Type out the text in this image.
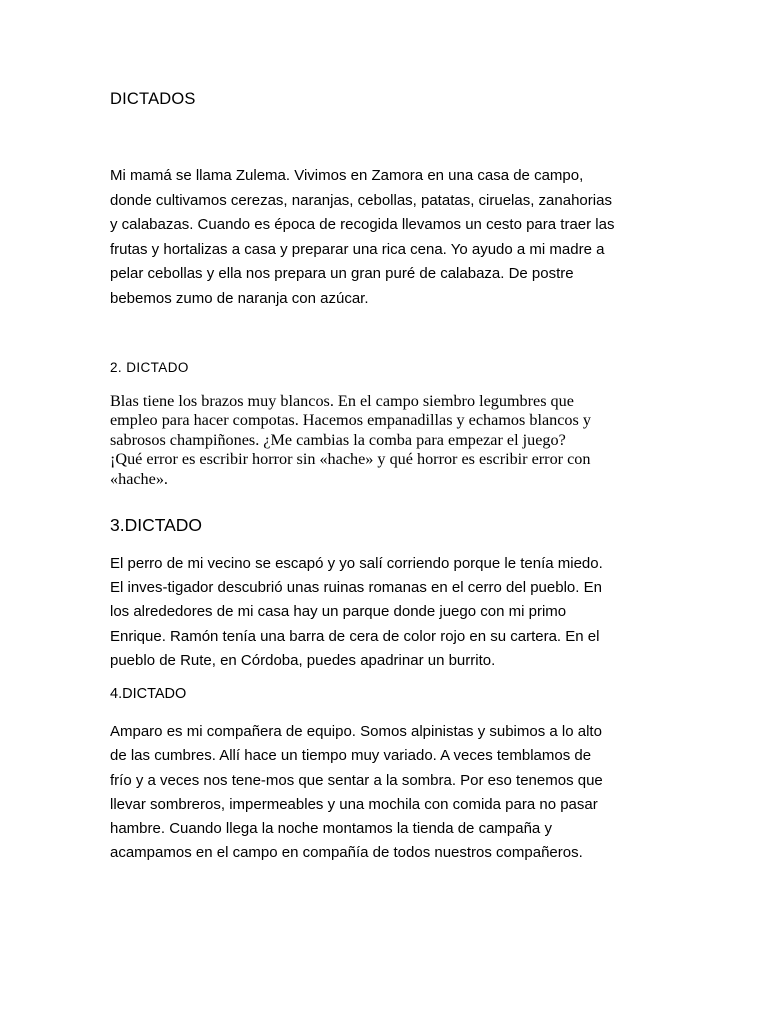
DICTADOS
Mi mamá se llama Zulema. Vivimos en Zamora en una casa de campo,
donde cultivamos cerezas, naranjas, cebollas, patatas, ciruelas, zanahorias
y calabazas. Cuando es época de recogida llevamos un cesto para traer las
frutas y hortalizas a casa y preparar una rica cena. Yo ayudo a mi madre a
pelar cebollas y ella nos prepara un gran puré de calabaza. De postre
bebemos zumo de naranja con azúcar.
2. DICTADO
Blas tiene los brazos muy blancos. En el campo siembro legumbres que
empleo para hacer compotas. Hacemos empanadillas y echamos blancos y
sabrosos champiñones. ¿Me cambias la comba para empezar el juego?
¡Qué error es escribir horror sin «hache» y qué horror es escribir error con
«hache».
3.DICTADO
El perro de mi vecino se escapó y yo salí corriendo porque le tenía miedo.
El inves-tigador descubrió unas ruinas romanas en el cerro del pueblo. En
los alrededores de mi casa hay un parque donde juego con mi primo
Enrique. Ramón tenía una barra de cera de color rojo en su cartera. En el
pueblo de Rute, en Córdoba, puedes apadrinar un burrito.
4.DICTADO
Amparo es mi compañera de equipo. Somos alpinistas y subimos a lo alto
de las cumbres. Allí hace un tiempo muy variado. A veces temblamos de
frío y a veces nos tene-mos que sentar a la sombra. Por eso tenemos que
llevar sombreros, impermeables y una mochila con comida para no pasar
hambre. Cuando llega la noche montamos la tienda de campaña y
acampamos en el campo en compañía de todos nuestros compañeros.
